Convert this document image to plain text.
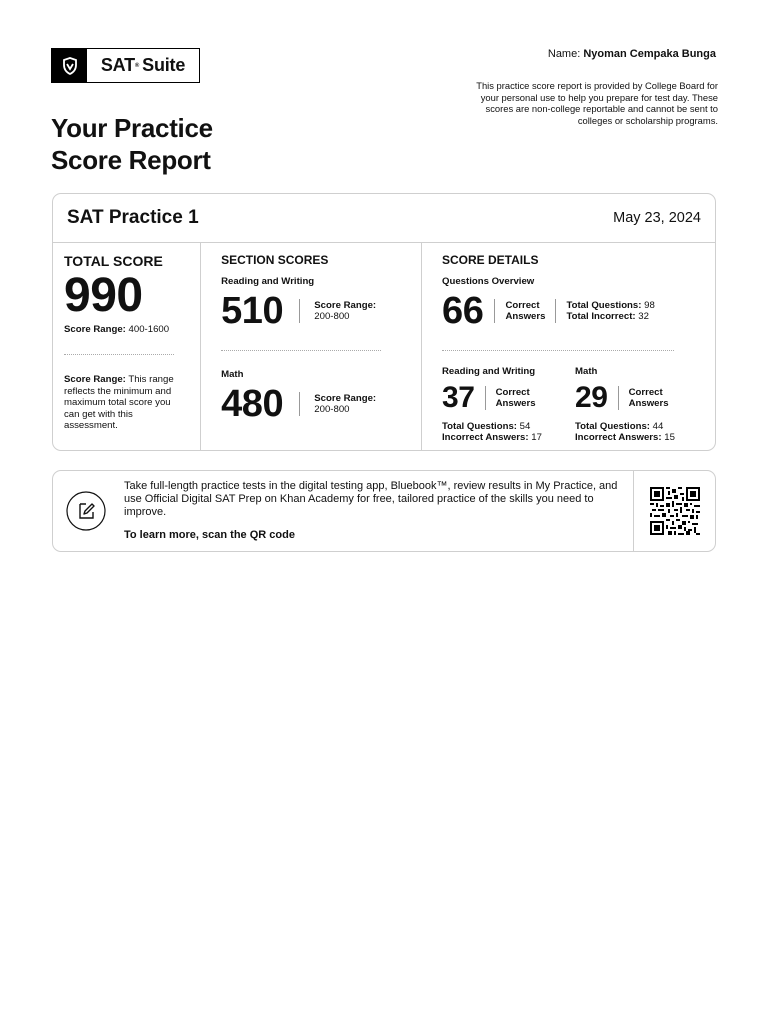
SAT ® Suite
Name: Nyoman Cempaka Bunga
This practice score report is provided by College Board for your personal use to help you prepare for test day. These scores are non-college reportable and cannot be sent to colleges or scholarship programs.
Your Practice
Score Report
SAT Practice 1	May 23, 2024
TOTAL SCORE
990
Score Range: 400-1600
Score Range: This range reflects the minimum and maximum total score you can get with this assessment.
SECTION SCORES
Reading and Writing
510	Score Range:
200-800
Math
480	Score Range:
200-800
SCORE DETAILS
Questions Overview
66 Correct
Answers
Total Questions: 98
Total Incorrect: 32
Reading and Writing
37 Correct
Answers
Total Questions: 54
Incorrect Answers: 17
Math
29 Correct
Answers
Total Questions: 44
Incorrect Answers: 15
Take full-length practice tests in the digital testing app, Bluebook™, review results in My Practice, and use Official Digital SAT Prep on Khan Academy for free, tailored practice of the skills you need to improve.
To learn more, scan the QR code
